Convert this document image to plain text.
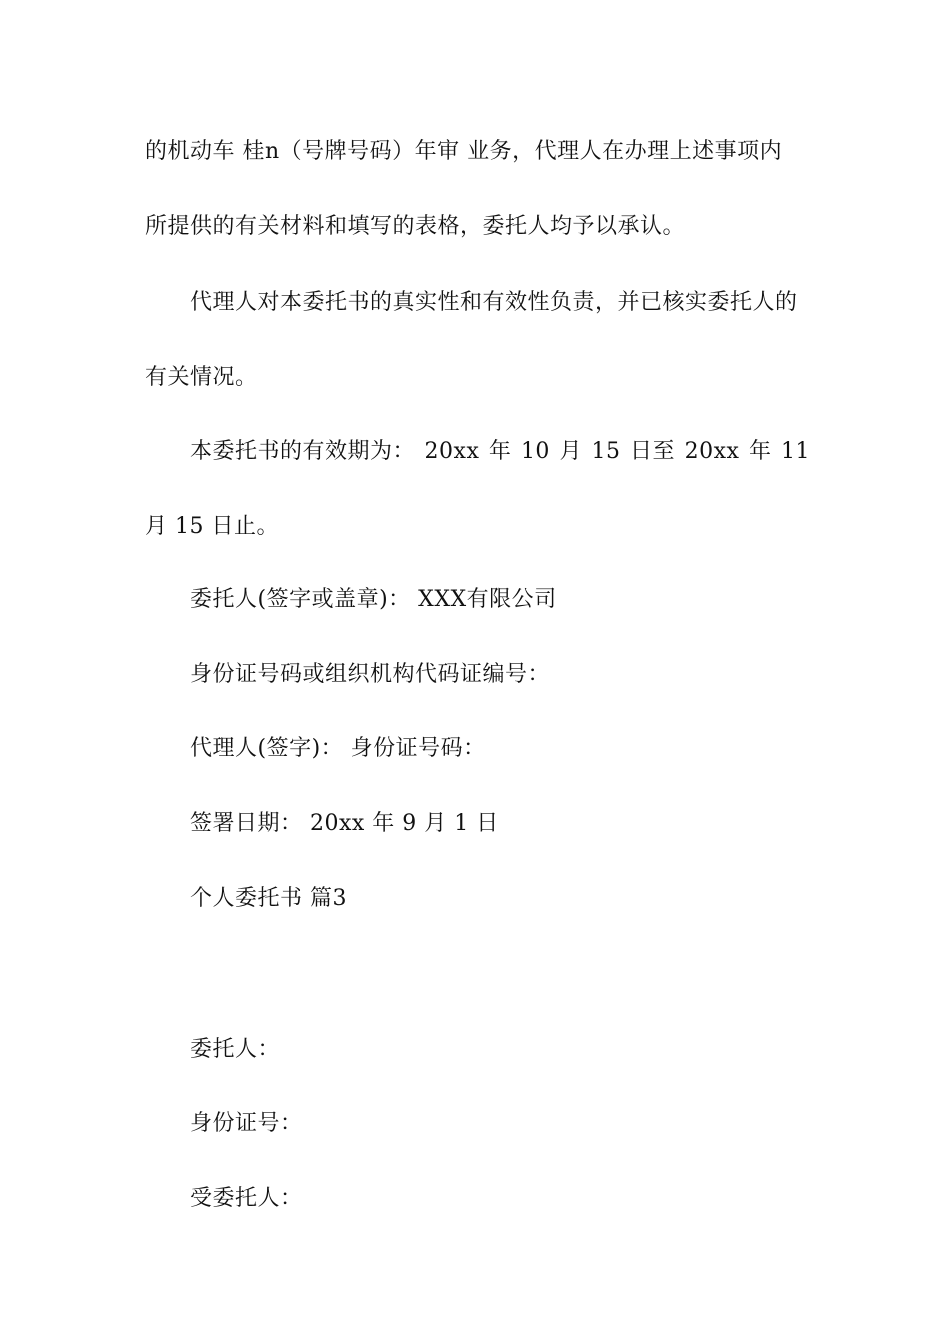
的机动车 桂n（号牌号码）年审 业务，代理人在办理上述事项内
所提供的有关材料和填写的表格，委托人均予以承认。
代理人对本委托书的真实性和有效性负责，并已核实委托人的
有关情况。
本委托书的有效期为： 20xx 年 10 月 15 日至 20xx 年 11
月 15 日止。
委托人(签字或盖章)： XXX有限公司
身份证号码或组织机构代码证编号：
代理人(签字)： 身份证号码：
签署日期： 20xx 年 9 月 1 日
个人委托书 篇3
委托人：
身份证号：
受委托人：
